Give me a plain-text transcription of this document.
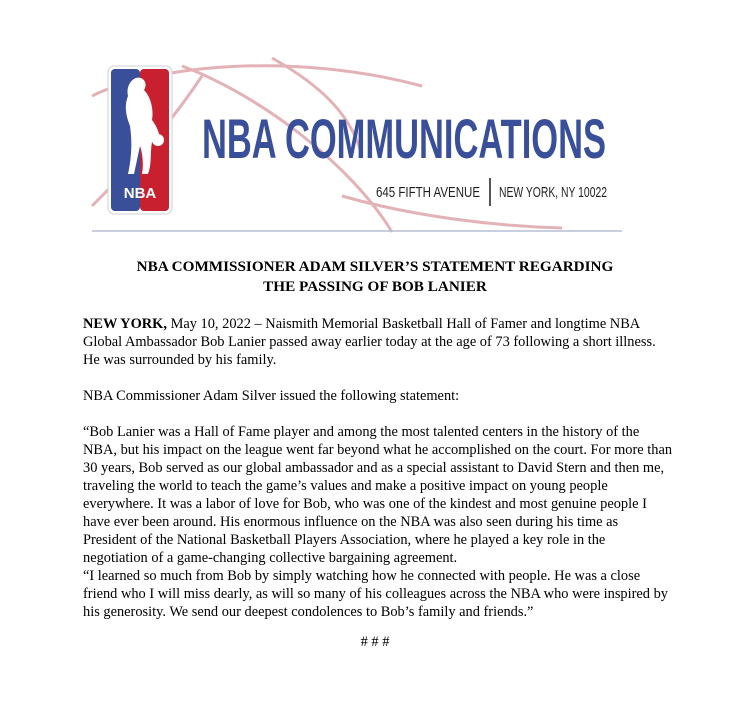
NBA
NBA COMMUNICATIONS
645 FIFTH AVENUE NEW YORK, NY 10022
NBA COMMISSIONER ADAM SILVER’S STATEMENT REGARDING
THE PASSING OF BOB LANIER

NEW YORK, May 10, 2022 – Naismith Memorial Basketball Hall of Famer and longtime NBA Global Ambassador Bob Lanier passed away earlier today at the age of 73 following a short illness. He was surrounded by his family.

NBA Commissioner Adam Silver issued the following statement:

“Bob Lanier was a Hall of Fame player and among the most talented centers in the history of the NBA, but his impact on the league went far beyond what he accomplished on the court. For more than 30 years, Bob served as our global ambassador and as a special assistant to David Stern and then me, traveling the world to teach the game’s values and make a positive impact on young people everywhere. It was a labor of love for Bob, who was one of the kindest and most genuine people I have ever been around. His enormous influence on the NBA was also seen during his time as President of the National Basketball Players Association, where he played a key role in the negotiation of a game-changing collective bargaining agreement.

“I learned so much from Bob by simply watching how he connected with people. He was a close friend who I will miss dearly, as will so many of his colleagues across the NBA who were inspired by his generosity. We send our deepest condolences to Bob’s family and friends.”

# # #
